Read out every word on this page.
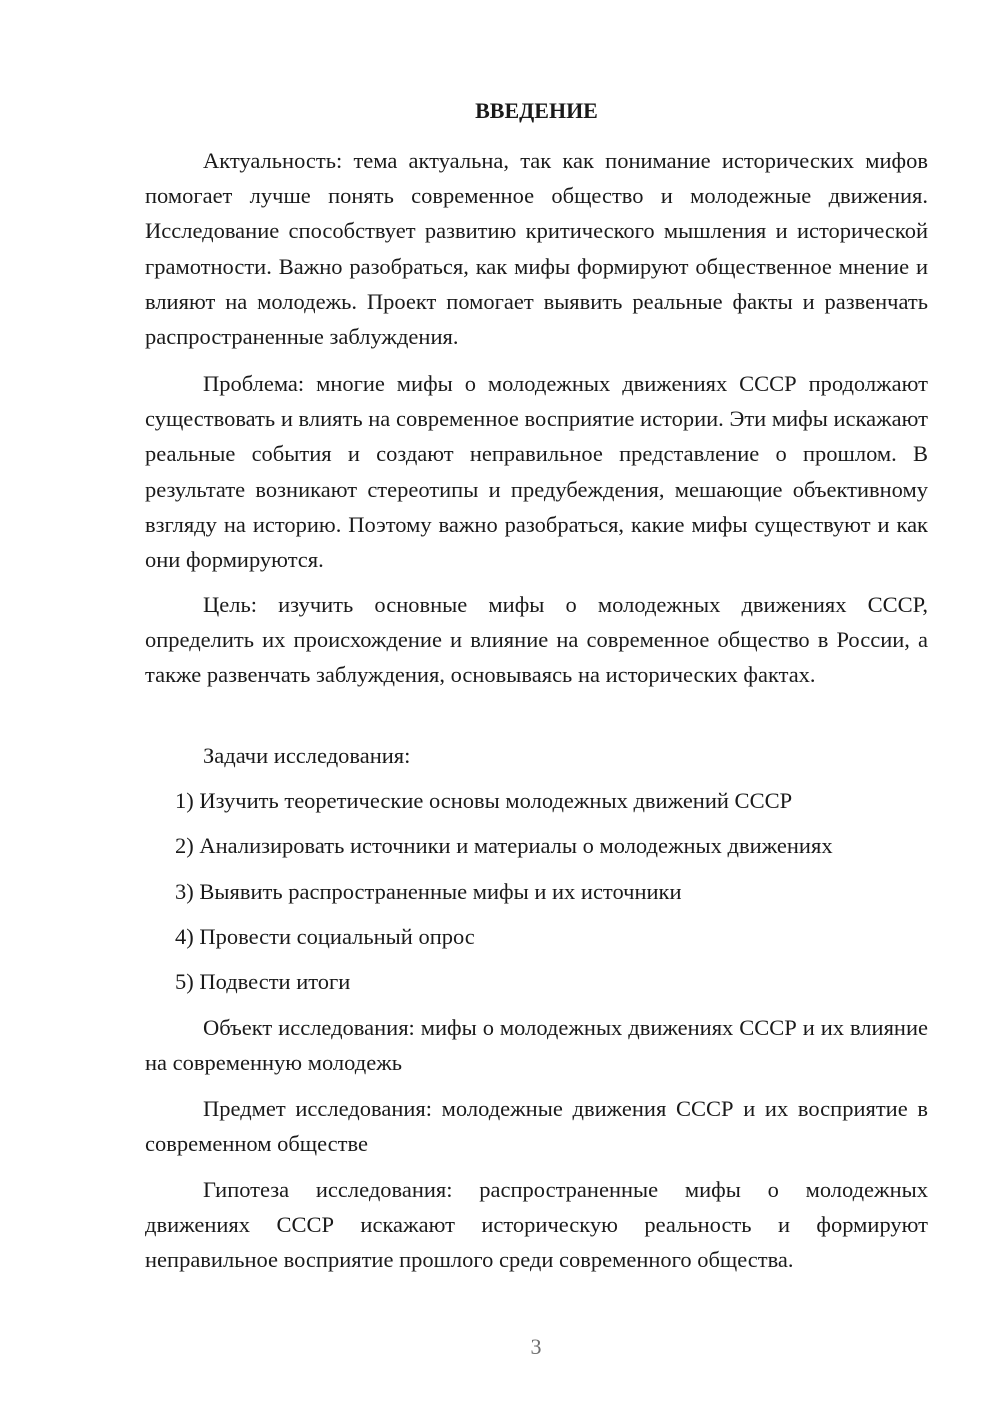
ВВЕДЕНИЕ

Актуальность: тема актуальна, так как понимание исторических мифов помогает лучше понять современное общество и молодежные движения. Исследование способствует развитию критического мышления и исторической грамотности. Важно разобраться, как мифы формируют общественное мнение и влияют на молодежь. Проект помогает выявить реальные факты и развенчать распространенные заблуждения.

Проблема: многие мифы о молодежных движениях СССР продолжают существовать и влиять на современное восприятие истории. Эти мифы искажают реальные события и создают неправильное представление о прошлом. В результате возникают стереотипы и предубеждения, мешающие объективному взгляду на историю. Поэтому важно разобраться, какие мифы существуют и как они формируются.

Цель: изучить основные мифы о молодежных движениях СССР, определить их происхождение и влияние на современное общество в России, а также развенчать заблуждения, основываясь на исторических фактах.

Задачи исследования:

1) Изучить теоретические основы молодежных движений СССР

2) Анализировать источники и материалы о молодежных движениях

3) Выявить распространенные мифы и их источники

4) Провести социальный опрос

5) Подвести итоги

Объект исследования: мифы о молодежных движениях СССР и их влияние на современную молодежь

Предмет исследования: молодежные движения СССР и их восприятие в современном обществе

Гипотеза исследования: распространенные мифы о молодежных движениях СССР искажают историческую реальность и формируют неправильное восприятие прошлого среди современного общества.

3
